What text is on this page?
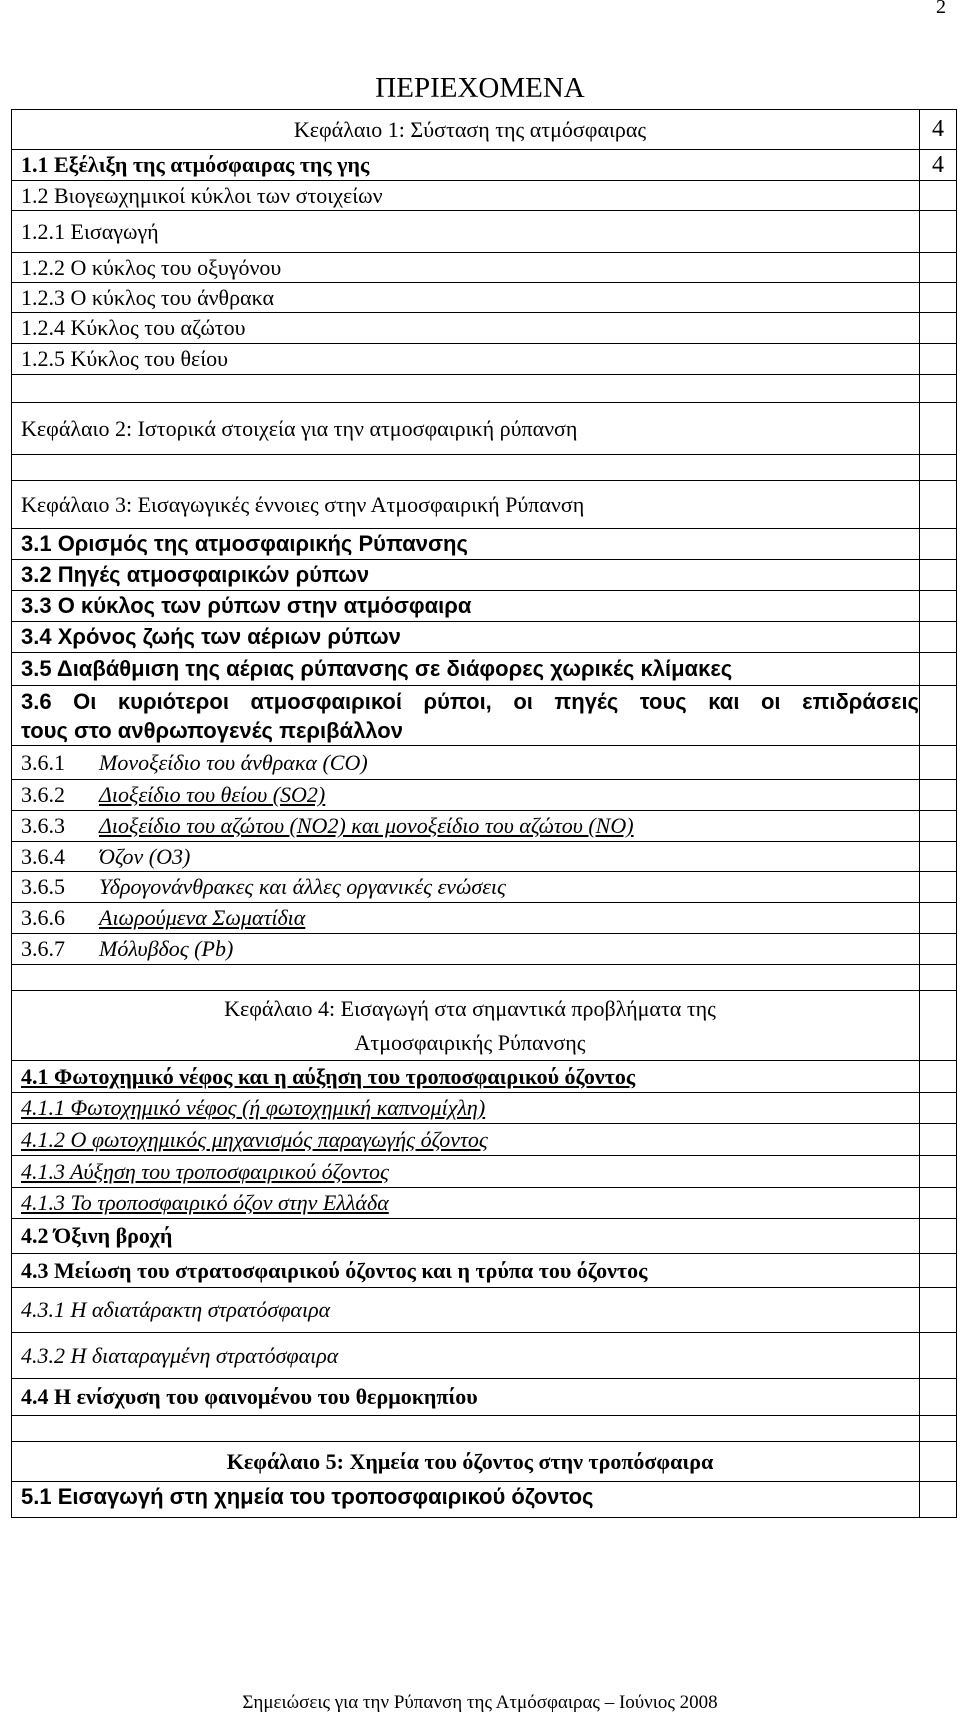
2
ΠΕΡΙΕΧΟΜΕΝΑ
Κεφάλαιο 1: Σύσταση της ατμόσφαιρας	4
1.1 Εξέλιξη της ατμόσφαιρας της γης	4
1.2 Βιογεωχημικοί κύκλοι των στοιχείων	
1.2.1 Εισαγωγή	
1.2.2 Ο κύκλος του οξυγόνου	
1.2.3 Ο κύκλος του άνθρακα	
1.2.4 Κύκλος του αζώτου	
1.2.5 Κύκλος του θείου	

Κεφάλαιο 2: Ιστορικά στοιχεία για την ατμοσφαιρική ρύπανση	

Κεφάλαιο 3: Εισαγωγικές έννοιες στην Ατμοσφαιρική Ρύπανση	
3.1 Ορισμός της ατμοσφαιρικής Ρύπανσης	
3.2 Πηγές ατμοσφαιρικών ρύπων	
3.3 Ο κύκλος των ρύπων στην ατμόσφαιρα	
3.4 Χρόνος ζωής των αέριων ρύπων	
3.5 Διαβάθμιση της αέριας ρύπανσης σε διάφορες χωρικές κλίμακες	

3.6 Οι κυριότεροι ατμοσφαιρικοί ρύποι, οι πηγές τους και οι επιδράσεις
τους στο ανθρωπογενές περιβάλλον	

3.6.1 Μονοξείδιο του άνθρακα (CO)	
3.6.2 Διοξείδιο του θείου (SO2)	
3.6.3 Διοξείδιο του αζώτου (NO2) και μονοξείδιο του αζώτου (NO)	
3.6.4 Όζον (O3)	
3.6.5 Υδρογονάνθρακες και άλλες οργανικές ενώσεις	
3.6.6 Αιωρούμενα Σωματίδια	
3.6.7 Μόλυβδος (Pb)	

Κεφάλαιο 4: Εισαγωγή στα σημαντικά προβλήματα της
Ατμοσφαιρικής Ρύπανσης	

4.1 Φωτοχημικό νέφος και η αύξηση του τροποσφαιρικού όζοντος	
4.1.1 Φωτοχημικό νέφος (ή φωτοχημική καπνομίχλη)	
4.1.2 Ο φωτοχημικός μηχανισμός παραγωγής όζοντος	
4.1.3 Αύξηση του τροποσφαιρικού όζοντος	
4.1.3 Το τροποσφαιρικό όζον στην Ελλάδα	
4.2 Όξινη βροχή	
4.3 Μείωση του στρατοσφαιρικού όζοντος και η τρύπα του όζοντος	
4.3.1 Η αδιατάρακτη στρατόσφαιρα	
4.3.2 Η διαταραγμένη στρατόσφαιρα	
4.4 Η ενίσχυση του φαινομένου του θερμοκηπίου	

Κεφάλαιο 5: Χημεία του όζοντος στην τροπόσφαιρα	
5.1 Εισαγωγή στη χημεία του τροποσφαιρικού όζοντος	
Σημειώσεις για την Ρύπανση της Ατμόσφαιρας – Ιούνιος 2008
